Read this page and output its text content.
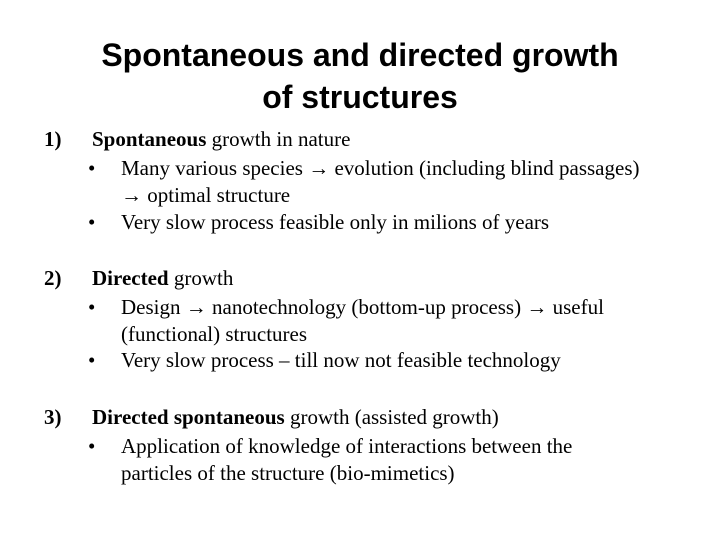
Spontaneous and directed growth
of structures
1) Spontaneous growth in nature
• Many various species → evolution (including blind passages)
→ optimal structure
• Very slow process feasible only in milions of years
2) Directed growth
• Design → nanotechnology (bottom-up process) → useful
(functional) structures
• Very slow process – till now not feasible technology
3) Directed spontaneous growth (assisted growth)
• Application of knowledge of interactions between the
particles of the structure (bio-mimetics)
